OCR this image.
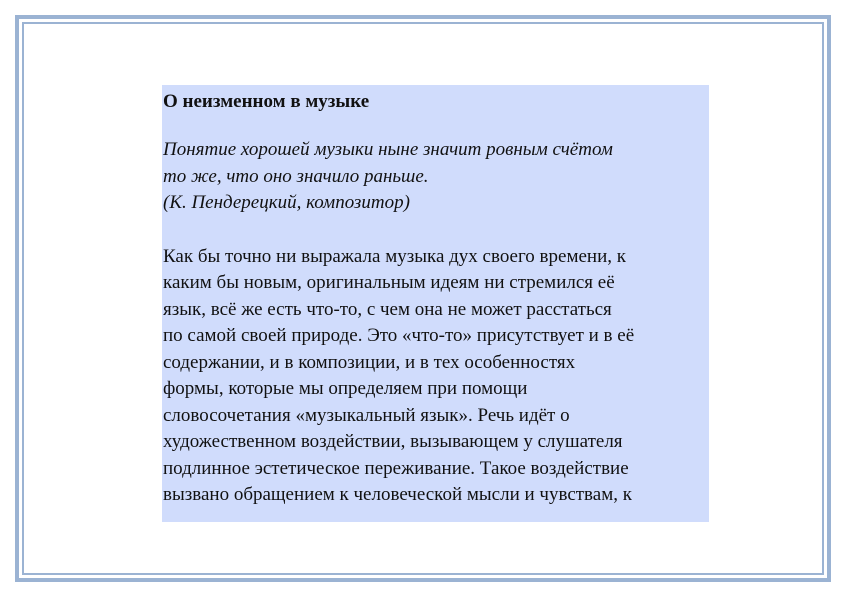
О неизменном в музыке
Понятие хорошей музыки ныне значит ровным счётом
то же, что оно значило раньше.
(К. Пендерецкий, композитор)
Как бы точно ни выражала музыка дух своего времени, к
каким бы новым, оригинальным идеям ни стремился её
язык, всё же есть что-то, с чем она не может расстаться
по самой своей природе. Это «что-то» присутствует и в её
содержании, и в композиции, и в тех особенностях
формы, которые мы определяем при помощи
словосочетания «музыкальный язык». Речь идёт о
художественном воздействии, вызывающем у слушателя
подлинное эстетическое переживание. Такое воздействие
вызвано обращением к человеческой мысли и чувствам, к
